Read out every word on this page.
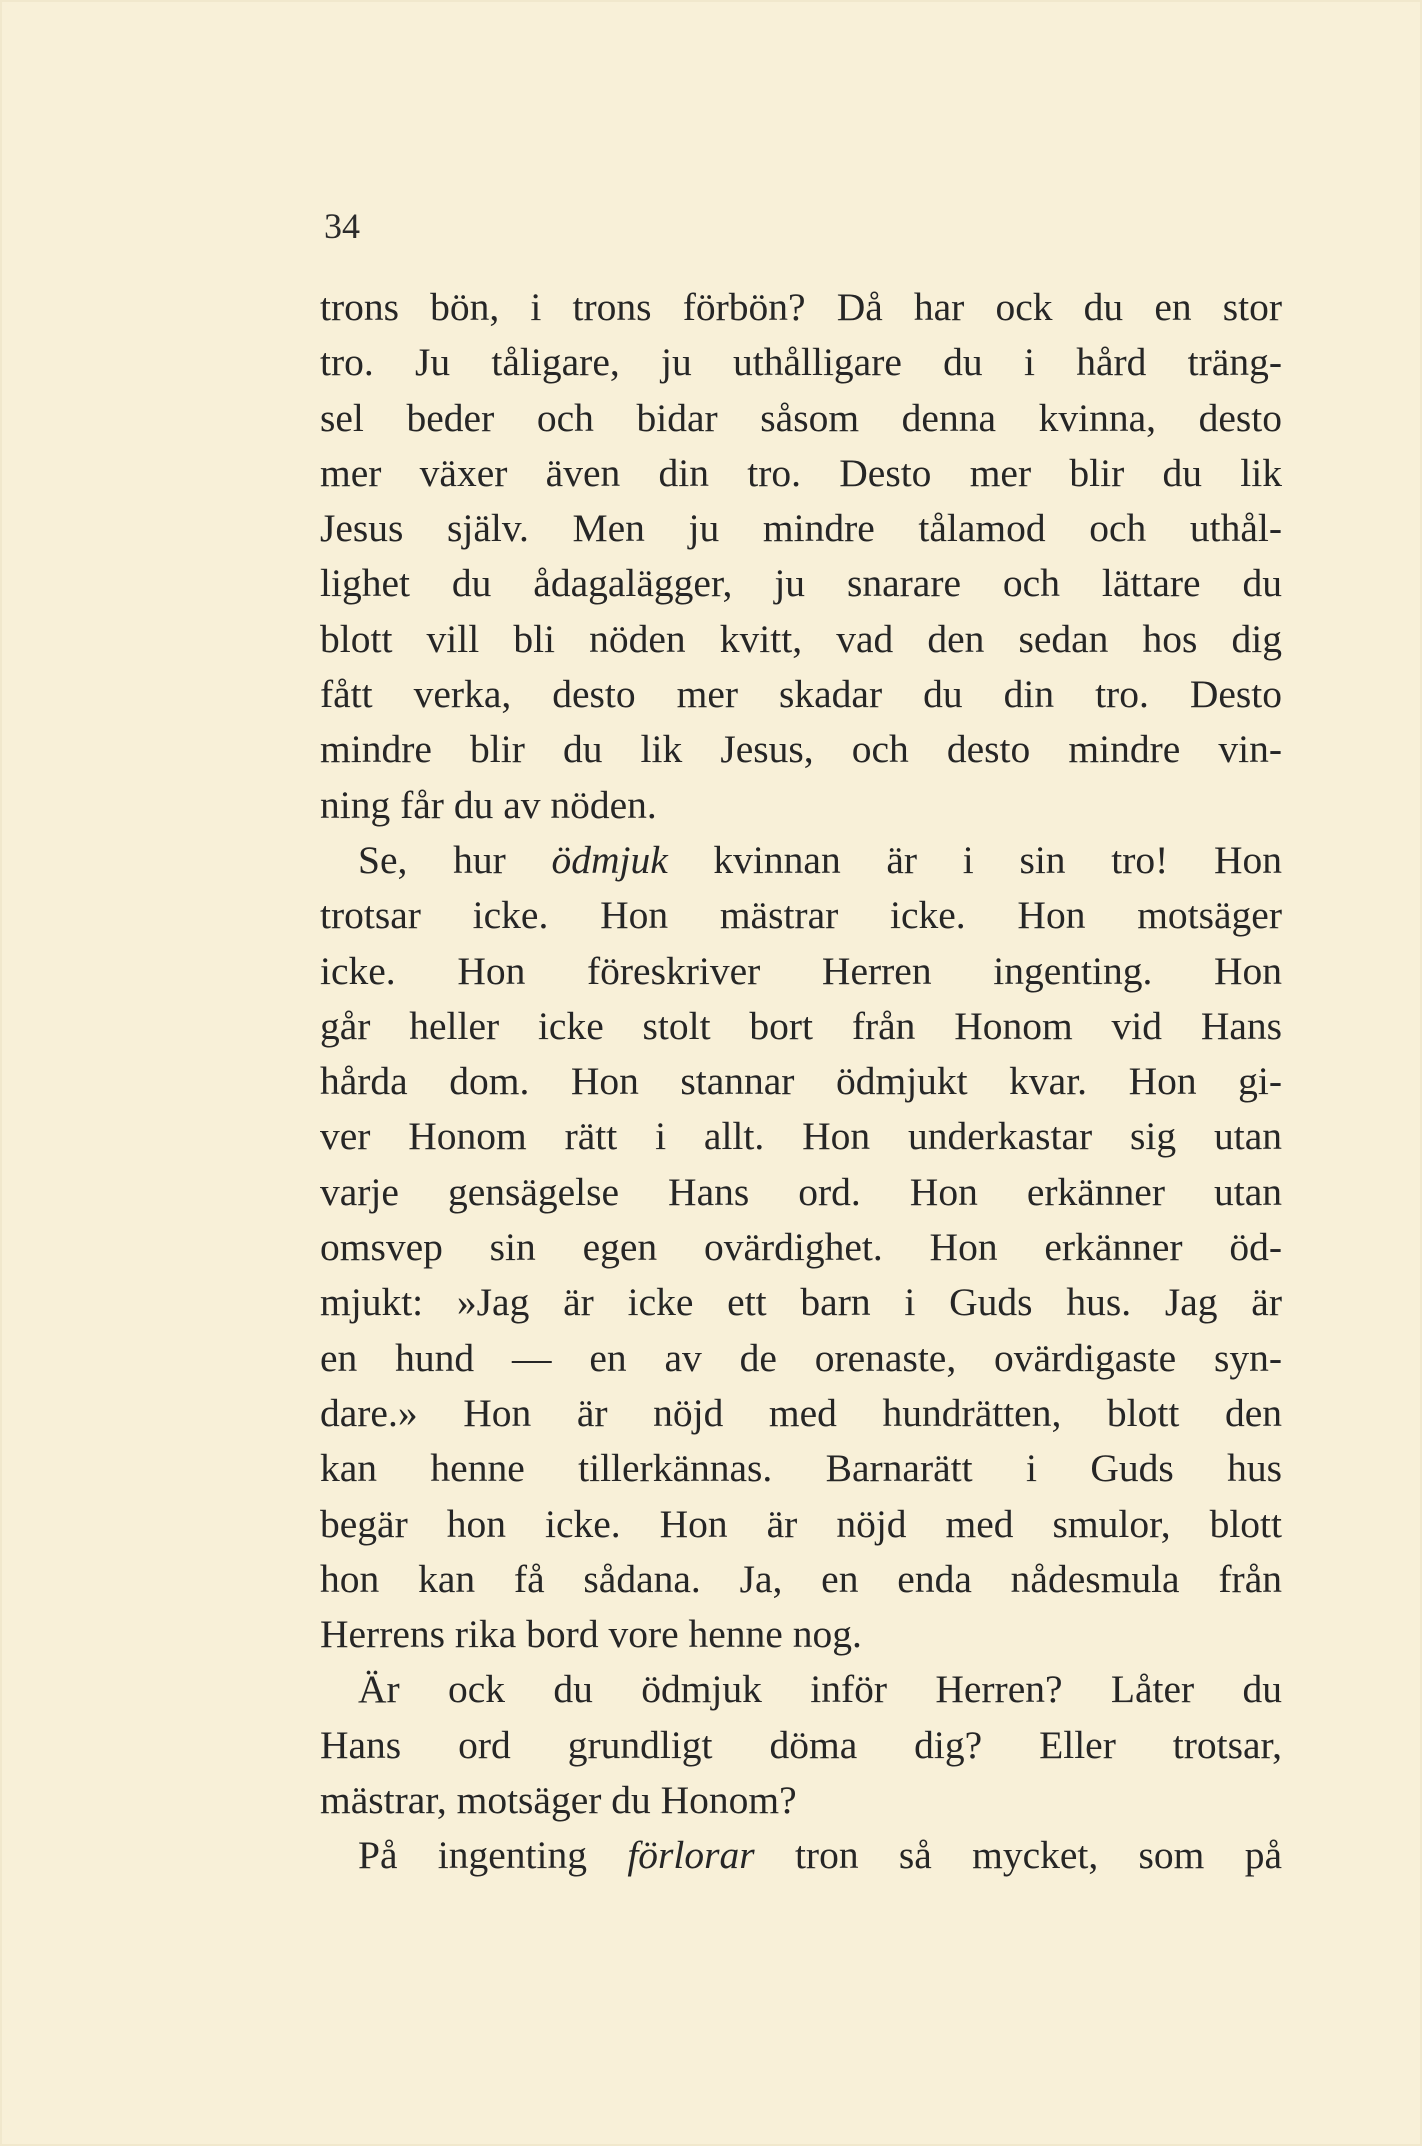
34
trons bön, i trons förbön? Då har ock du en stor
tro. Ju tåligare, ju uthålligare du i hård träng-
sel beder och bidar såsom denna kvinna, desto
mer växer även din tro. Desto mer blir du lik
Jesus själv. Men ju mindre tålamod och uthål-
lighet du ådagalägger, ju snarare och lättare du
blott vill bli nöden kvitt, vad den sedan hos dig
fått verka, desto mer skadar du din tro. Desto
mindre blir du lik Jesus, och desto mindre vin-
ning får du av nöden.
Se, hur ödmjuk kvinnan är i sin tro! Hon
trotsar icke. Hon mästrar icke. Hon motsäger
icke. Hon föreskriver Herren ingenting. Hon
går heller icke stolt bort från Honom vid Hans
hårda dom. Hon stannar ödmjukt kvar. Hon gi-
ver Honom rätt i allt. Hon underkastar sig utan
varje gensägelse Hans ord. Hon erkänner utan
omsvep sin egen ovärdighet. Hon erkänner öd-
mjukt: »Jag är icke ett barn i Guds hus. Jag är
en hund — en av de orenaste, ovärdigaste syn-
dare.» Hon är nöjd med hundrätten, blott den
kan henne tillerkännas. Barnarätt i Guds hus
begär hon icke. Hon är nöjd med smulor, blott
hon kan få sådana. Ja, en enda nådesmula från
Herrens rika bord vore henne nog.
Är ock du ödmjuk inför Herren? Låter du
Hans ord grundligt döma dig? Eller trotsar,
mästrar, motsäger du Honom?
På ingenting förlorar tron så mycket, som på
